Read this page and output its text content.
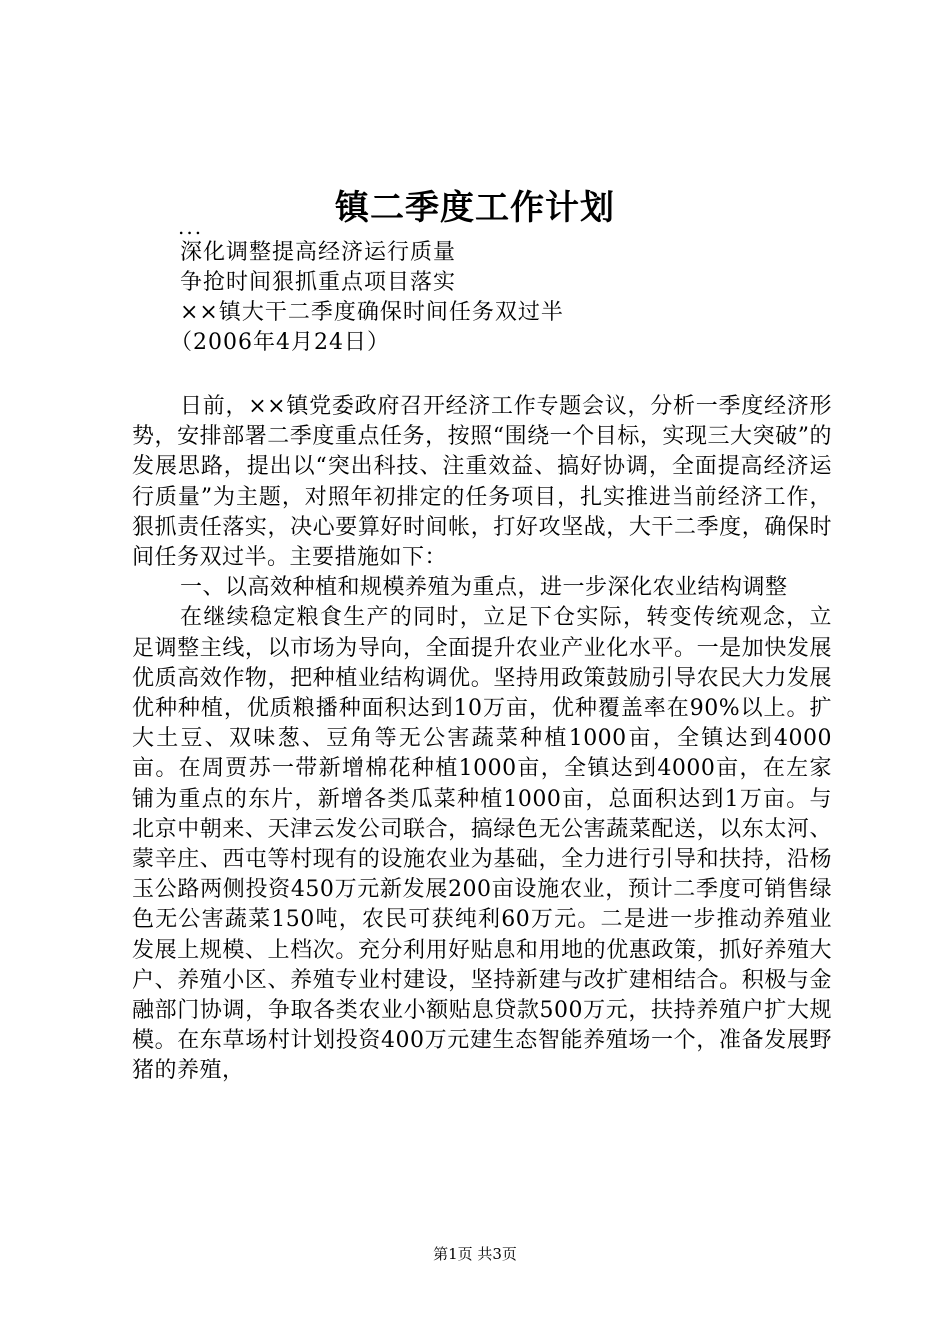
镇二季度工作计划
...
深化调整提高经济运行质量
争抢时间狠抓重点项目落实
××镇大干二季度确保时间任务双过半
（2006年4月24日）

日前，××镇党委政府召开经济工作专题会议，分析一季度经济形势，安排部署二季度重点任务，按照“围绕一个目标，实现三大突破”的发展思路，提出以“突出科技、注重效益、搞好协调，全面提高经济运行质量”为主题，对照年初排定的任务项目，扎实推进当前经济工作，狠抓责任落实，决心要算好时间帐，打好攻坚战，大干二季度，确保时间任务双过半。主要措施如下：

一、以高效种植和规模养殖为重点，进一步深化农业结构调整

在继续稳定粮食生产的同时，立足下仓实际，转变传统观念，立足调整主线，以市场为导向，全面提升农业产业化水平。一是加快发展优质高效作物，把种植业结构调优。坚持用政策鼓励引导农民大力发展优种种植，优质粮播种面积达到10万亩，优种覆盖率在90%以上。扩大土豆、双味葱、豆角等无公害蔬菜种植1000亩，全镇达到4000亩。在周贾苏一带新增棉花种植1000亩，全镇达到4000亩，在左家铺为重点的东片，新增各类瓜菜种植1000亩，总面积达到1万亩。与北京中朝来、天津云发公司联合，搞绿色无公害蔬菜配送，以东太河、蒙辛庄、西屯等村现有的设施农业为基础，全力进行引导和扶持，沿杨玉公路两侧投资450万元新发展200亩设施农业，预计二季度可销售绿色无公害蔬菜150吨，农民可获纯利60万元。二是进一步推动养殖业发展上规模、上档次。充分利用好贴息和用地的优惠政策，抓好养殖大户、养殖小区、养殖专业村建设，坚持新建与改扩建相结合。积极与金融部门协调，争取各类农业小额贴息贷款500万元，扶持养殖户扩大规模。在东草场村计划投资400万元建生态智能养殖场一个，准备发展野猪的养殖，

第1页 共3页
